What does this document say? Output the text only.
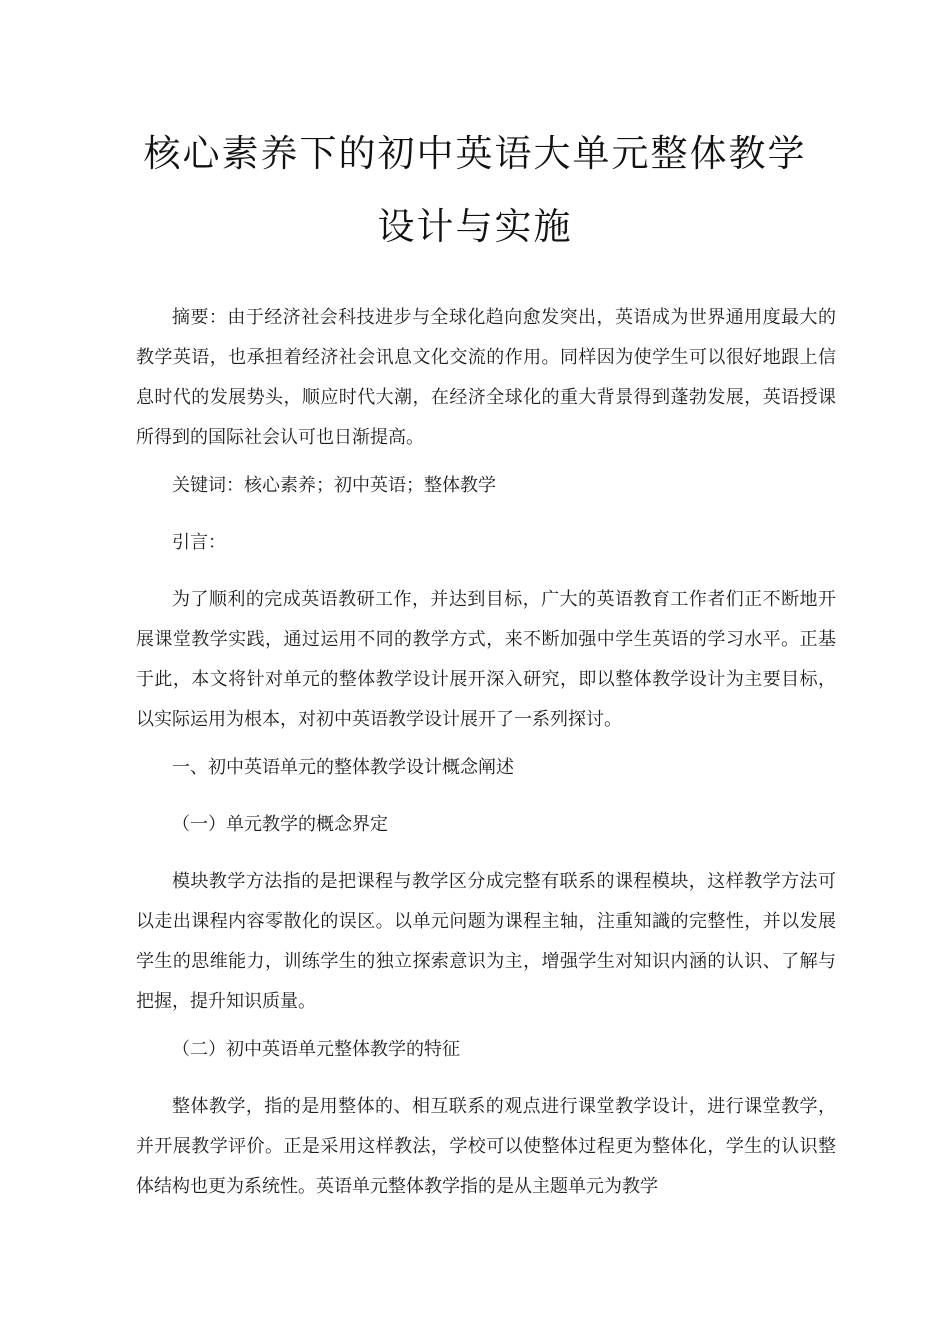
核心素养下的初中英语大单元整体教学
设计与实施

摘要：由于经济社会科技进步与全球化趋向愈发突出，英语成为世界通用度最大的教学英语，也承担着经济社会讯息文化交流的作用。同样因为使学生可以很好地跟上信息时代的发展势头，顺应时代大潮，在经济全球化的重大背景得到蓬勃发展，英语授课所得到的国际社会认可也日渐提高。

关键词：核心素养；初中英语；整体教学

引言：

为了顺利的完成英语教研工作，并达到目标，广大的英语教育工作者们正不断地开展课堂教学实践，通过运用不同的教学方式，来不断加强中学生英语的学习水平。正基于此，本文将针对单元的整体教学设计展开深入研究，即以整体教学设计为主要目标，以实际运用为根本，对初中英语教学设计展开了一系列探讨。

一、初中英语单元的整体教学设计概念阐述

（一）单元教学的概念界定

模块教学方法指的是把课程与教学区分成完整有联系的课程模块，这样教学方法可以走出课程内容零散化的误区。以单元问题为课程主轴，注重知識的完整性，并以发展学生的思维能力，训练学生的独立探索意识为主，增强学生对知识内涵的认识、了解与把握，提升知识质量。

（二）初中英语单元整体教学的特征

整体教学，指的是用整体的、相互联系的观点进行课堂教学设计，进行课堂教学，并开展教学评价。正是采用这样教法，学校可以使整体过程更为整体化，学生的认识整体结构也更为系统性。英语单元整体教学指的是从主题单元为教学
